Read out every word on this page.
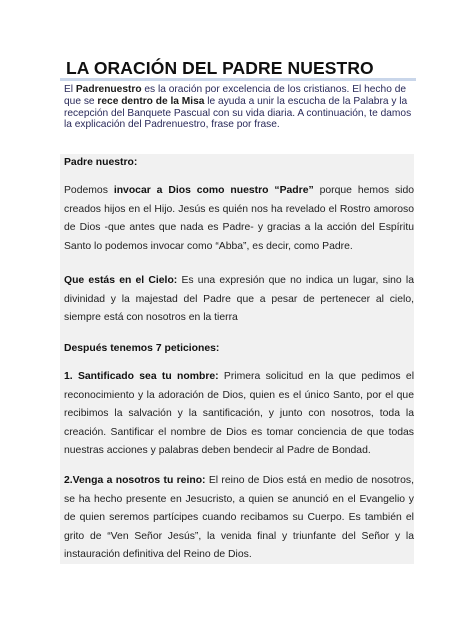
LA ORACIÓN DEL PADRE NUESTRO
El Padrenuestro es la oración por excelencia de los cristianos. El hecho de que se rece dentro de la Misa le ayuda a unir la escucha de la Palabra y la recepción del Banquete Pascual con su vida diaria. A continuación, te damos la explicación del Padrenuestro, frase por frase.
Padre nuestro:
Podemos invocar a Dios como nuestro “Padre” porque hemos sido creados hijos en el Hijo. Jesús es quién nos ha revelado el Rostro amoroso de Dios -que antes que nada es Padre- y gracias a la acción del Espíritu Santo lo podemos invocar como “Abba”, es decir, como Padre.
Que estás en el Cielo: Es una expresión que no indica un lugar, sino la divinidad y la majestad del Padre que a pesar de pertenecer al cielo, siempre está con nosotros en la tierra
Después tenemos 7 peticiones:
1. Santificado sea tu nombre: Primera solicitud en la que pedimos el reconocimiento y la adoración de Dios, quien es el único Santo, por el que recibimos la salvación y la santificación, y junto con nosotros, toda la creación. Santificar el nombre de Dios es tomar conciencia de que todas nuestras acciones y palabras deben bendecir al Padre de Bondad.
2.Venga a nosotros tu reino: El reino de Dios está en medio de nosotros, se ha hecho presente en Jesucristo, a quien se anunció en el Evangelio y de quien seremos partícipes cuando recibamos su Cuerpo. Es también el grito de “Ven Señor Jesús”, la venida final y triunfante del Señor y la instauración definitiva del Reino de Dios.
